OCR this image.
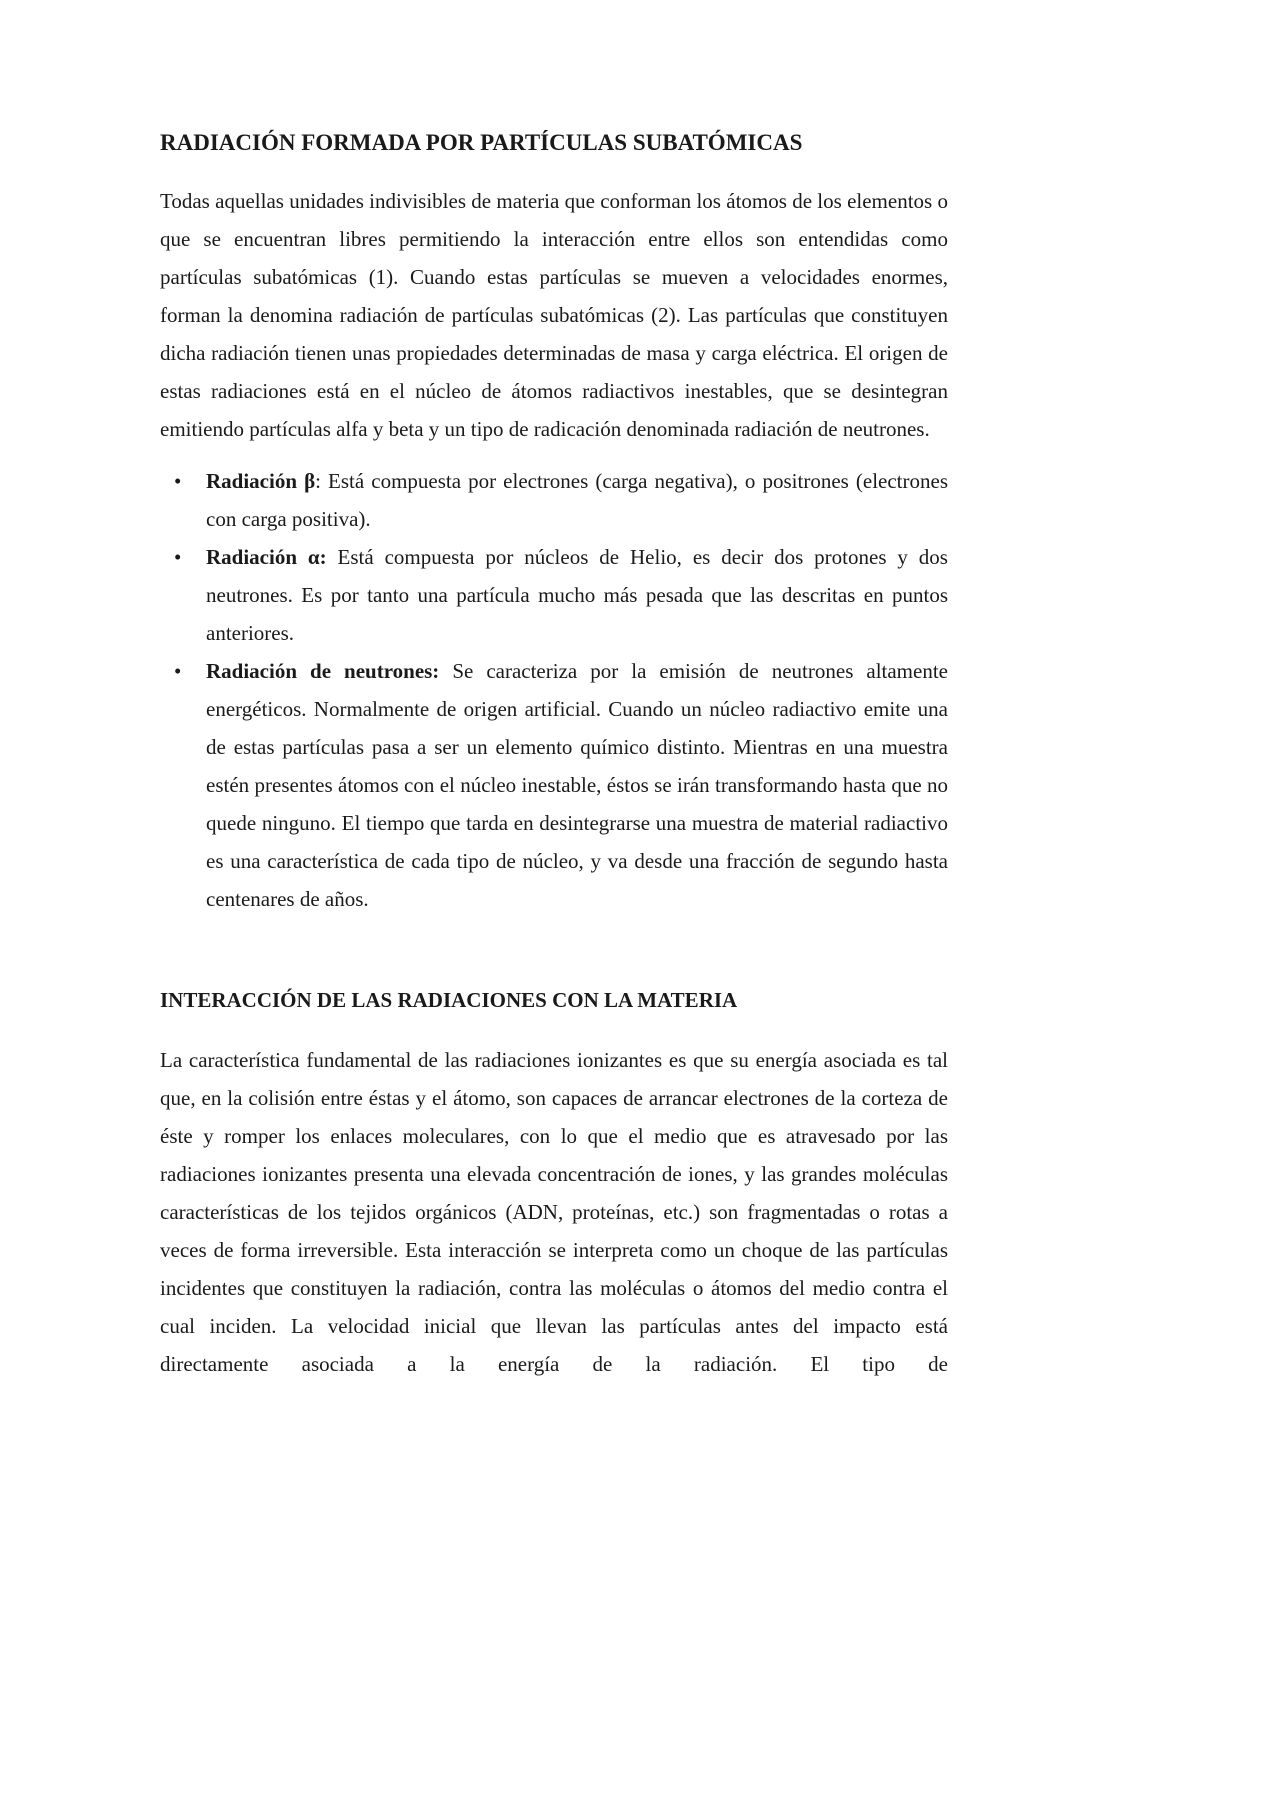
RADIACIÓN FORMADA POR PARTÍCULAS SUBATÓMICAS

Todas aquellas unidades indivisibles de materia que conforman los átomos de los elementos o que se encuentran libres permitiendo la interacción entre ellos son entendidas como partículas subatómicas (1). Cuando estas partículas se mueven a velocidades enormes, forman la denomina radiación de partículas subatómicas (2). Las partículas que constituyen dicha radiación tienen unas propiedades determinadas de masa y carga eléctrica. El origen de estas radiaciones está en el núcleo de átomos radiactivos inestables, que se desintegran emitiendo partículas alfa y beta y un tipo de radicación denominada radiación de neutrones.

• Radiación β: Está compuesta por electrones (carga negativa), o positrones (electrones con carga positiva).
• Radiación α: Está compuesta por núcleos de Helio, es decir dos protones y dos neutrones. Es por tanto una partícula mucho más pesada que las descritas en puntos anteriores.
• Radiación de neutrones: Se caracteriza por la emisión de neutrones altamente energéticos. Normalmente de origen artificial. Cuando un núcleo radiactivo emite una de estas partículas pasa a ser un elemento químico distinto. Mientras en una muestra estén presentes átomos con el núcleo inestable, éstos se irán transformando hasta que no quede ninguno. El tiempo que tarda en desintegrarse una muestra de material radiactivo es una característica de cada tipo de núcleo, y va desde una fracción de segundo hasta centenares de años.
INTERACCIÓN DE LAS RADIACIONES CON LA MATERIA

La característica fundamental de las radiaciones ionizantes es que su energía asociada es tal que, en la colisión entre éstas y el átomo, son capaces de arrancar electrones de la corteza de éste y romper los enlaces moleculares, con lo que el medio que es atravesado por las radiaciones ionizantes presenta una elevada concentración de iones, y las grandes moléculas características de los tejidos orgánicos (ADN, proteínas, etc.) son fragmentadas o rotas a veces de forma irreversible. Esta interacción se interpreta como un choque de las partículas incidentes que constituyen la radiación, contra las moléculas o átomos del medio contra el cual inciden. La velocidad inicial que llevan las partículas antes del impacto está directamente asociada a la energía de la radiación. El tipo de
